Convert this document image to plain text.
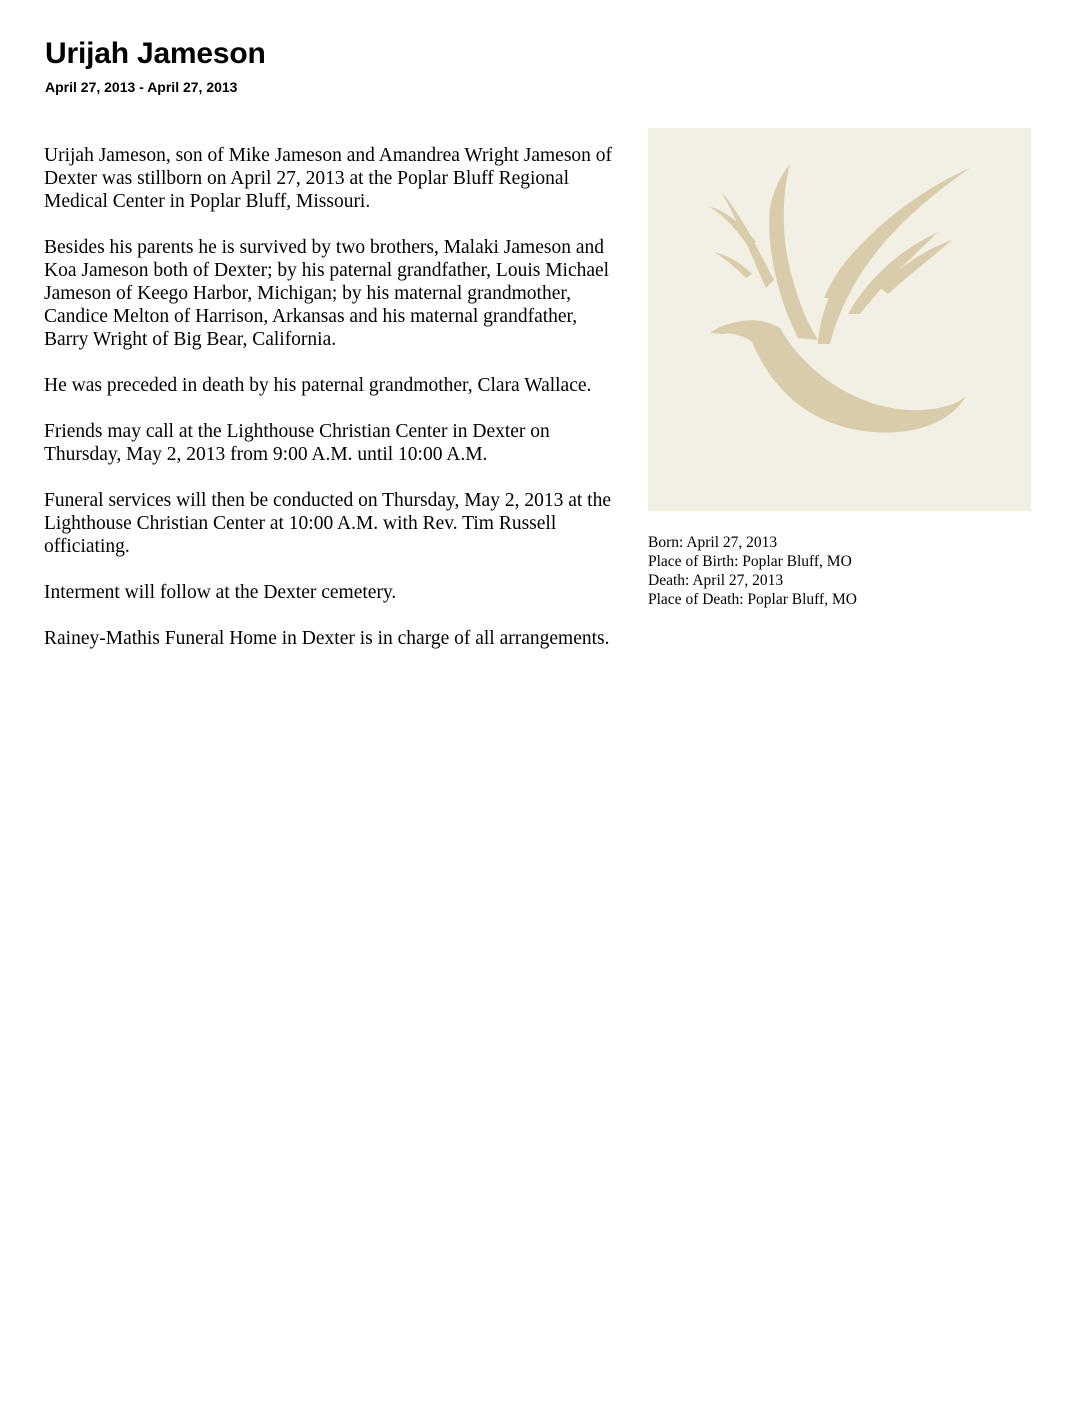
Urijah Jameson
April 27, 2013 - April 27, 2013

Urijah Jameson, son of Mike Jameson and Amandrea Wright Jameson of Dexter was stillborn on April 27, 2013 at the Poplar Bluff Regional Medical Center in Poplar Bluff, Missouri.

Besides his parents he is survived by two brothers, Malaki Jameson and Koa Jameson both of Dexter; by his paternal grandfather, Louis Michael Jameson of Keego Harbor, Michigan; by his maternal grandmother, Candice Melton of Harrison, Arkansas and his maternal grandfather, Barry Wright of Big Bear, California.

He was preceded in death by his paternal grandmother, Clara Wallace.

Friends may call at the Lighthouse Christian Center in Dexter on Thursday, May 2, 2013 from 9:00 A.M. until 10:00 A.M.

Funeral services will then be conducted on Thursday, May 2, 2013 at the Lighthouse Christian Center at 10:00 A.M. with Rev. Tim Russell officiating.

Interment will follow at the Dexter cemetery.

Rainey-Mathis Funeral Home in Dexter is in charge of all arrangements.

Born: April 27, 2013
Place of Birth: Poplar Bluff, MO
Death: April 27, 2013
Place of Death: Poplar Bluff, MO
